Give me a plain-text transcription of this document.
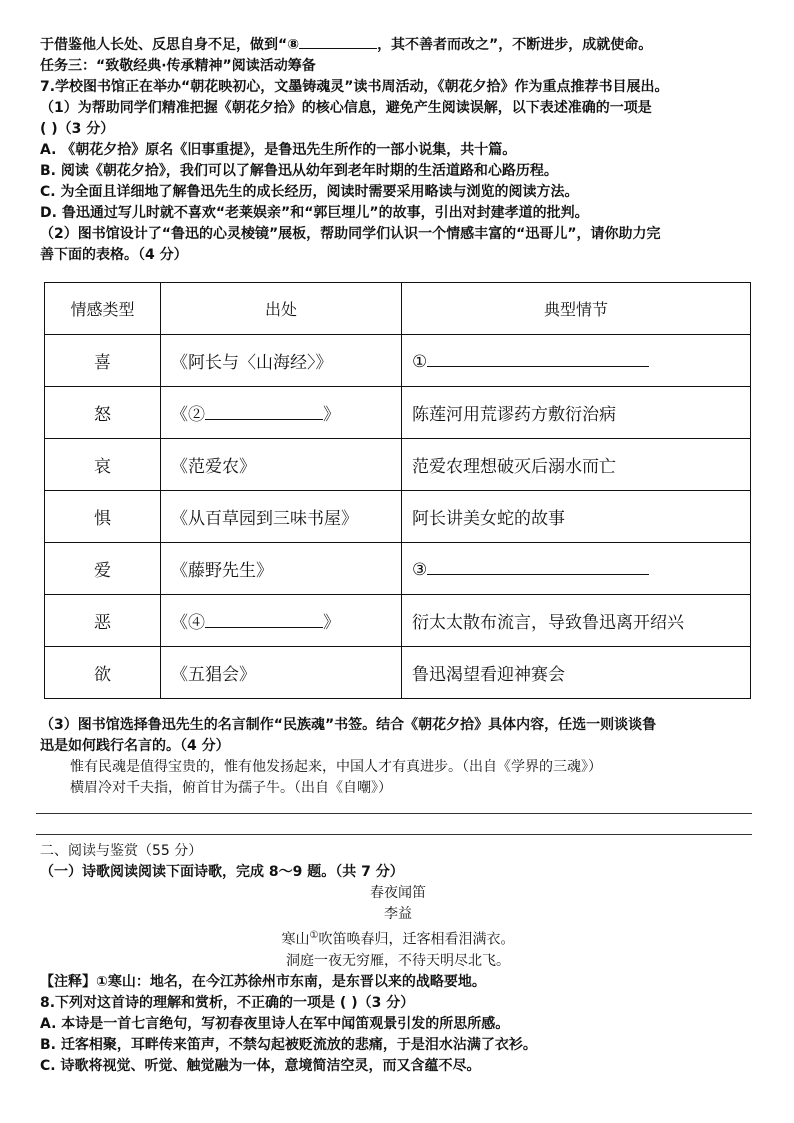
于借鉴他人长处、反思自身不足，做到“⑧	，其不善者而改之”，不断进步，成就使命。
任务三：“致敬经典·传承精神”阅读活动筹备
7.学校图书馆正在举办“朝花映初心，文墨铸魂灵”读书周活动，《朝花夕拾》作为重点推荐书目展出。
（1）为帮助同学们精准把握《朝花夕拾》的核心信息，避免产生阅读误解，以下表述准确的一项是
( )（3 分）
A. 《朝花夕拾》原名《旧事重提》，是鲁迅先生所作的一部小说集，共十篇。
B. 阅读《朝花夕拾》，我们可以了解鲁迅从幼年到老年时期的生活道路和心路历程。
C. 为全面且详细地了解鲁迅先生的成长经历，阅读时需要采用略读与浏览的阅读方法。
D. 鲁迅通过写儿时就不喜欢“老莱娱亲”和“郭巨埋儿”的故事，引出对封建孝道的批判。
（2）图书馆设计了“鲁迅的心灵棱镜”展板，帮助同学们认识一个情感丰富的“迅哥儿”，请你助力完
善下面的表格。（4 分）
情感类型	出处	典型情节
喜	《阿长与〈山海经〉》	①
怒	《② 》	陈莲河用荒谬药方敷衍治病
哀	《范爱农》	范爱农理想破灭后溺水而亡
惧	《从百草园到三味书屋》	阿长讲美女蛇的故事
爱	《藤野先生》	③
恶	《④ 》	衍太太散布流言，导致鲁迅离开绍兴
欲	《五猖会》	鲁迅渴望看迎神赛会
（3）图书馆选择鲁迅先生的名言制作“民族魂”书签。结合《朝花夕拾》具体内容，任选一则谈谈鲁
迅是如何践行名言的。（4 分）
惟有民魂是值得宝贵的，惟有他发扬起来，中国人才有真进步。（出自《学界的三魂》）
横眉冷对千夫指，俯首甘为孺子牛。（出自《自嘲》）
二、阅读与鉴赏（55 分）
（一）诗歌阅读阅读下面诗歌，完成 8～9 题。（共 7 分）
春夜闻笛
李益
寒山①吹笛唤春归，迁客相看泪满衣。
洞庭一夜无穷雁，不待天明尽北飞。
【注释】①寒山：地名，在今江苏徐州市东南，是东晋以来的战略要地。
8.下列对这首诗的理解和赏析，不正确的一项是 ( )（3 分）
A. 本诗是一首七言绝句，写初春夜里诗人在军中闻笛观景引发的所思所感。
B. 迁客相聚，耳畔传来笛声，不禁勾起被贬流放的悲痛，于是泪水沾满了衣衫。
C. 诗歌将视觉、听觉、触觉融为一体，意境简洁空灵，而又含蕴不尽。
